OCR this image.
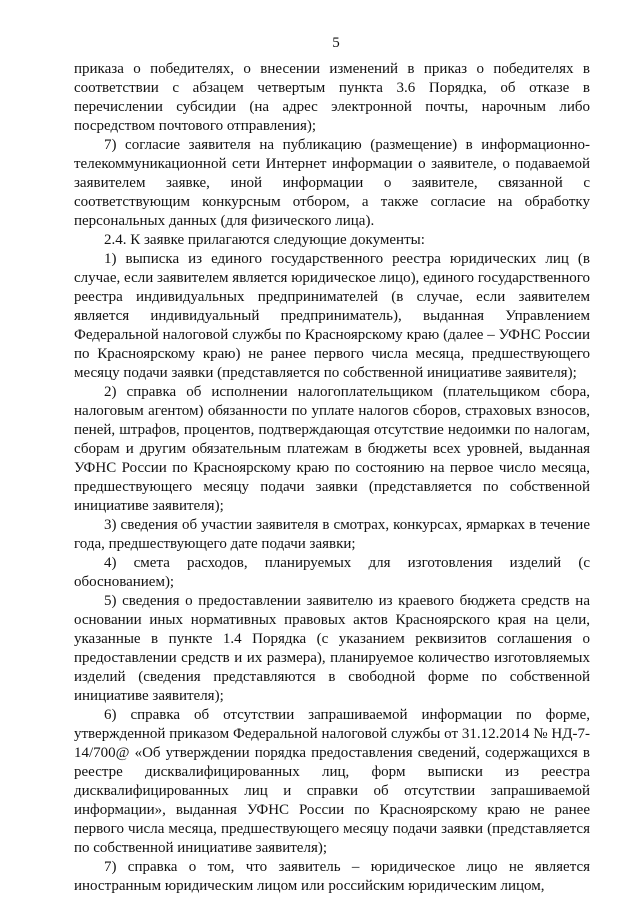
5

приказа о победителях, о внесении изменений в приказ о победителях в соответствии с абзацем четвертым пункта 3.6 Порядка, об отказе в перечислении субсидии (на адрес электронной почты, нарочным либо посредством почтового отправления);

7) согласие заявителя на публикацию (размещение) в информационно-телекоммуникационной сети Интернет информации о заявителе, о подаваемой заявителем заявке, иной информации о заявителе, связанной с соответствующим конкурсным отбором, а также согласие на обработку персональных данных (для физического лица).

2.4. К заявке прилагаются следующие документы:

1) выписка из единого государственного реестра юридических лиц (в случае, если заявителем является юридическое лицо), единого государственного реестра индивидуальных предпринимателей (в случае, если заявителем является индивидуальный предприниматель), выданная Управлением Федеральной налоговой службы по Красноярскому краю (далее – УФНС России по Красноярскому краю) не ранее первого числа месяца, предшествующего месяцу подачи заявки (представляется по собственной инициативе заявителя);

2) справка об исполнении налогоплательщиком (плательщиком сбора, налоговым агентом) обязанности по уплате налогов сборов, страховых взносов, пеней, штрафов, процентов, подтверждающая отсутствие недоимки по налогам, сборам и другим обязательным платежам в бюджеты всех уровней, выданная УФНС России по Красноярскому краю по состоянию на первое число месяца, предшествующего месяцу подачи заявки (представляется по собственной инициативе заявителя);

3) сведения об участии заявителя в смотрах, конкурсах, ярмарках в течение года, предшествующего дате подачи заявки;

4) смета расходов, планируемых для изготовления изделий (с обоснованием);

5) сведения о предоставлении заявителю из краевого бюджета средств на основании иных нормативных правовых актов Красноярского края на цели, указанные в пункте 1.4 Порядка (с указанием реквизитов соглашения о предоставлении средств и их размера), планируемое количество изготовляемых изделий (сведения представляются в свободной форме по собственной инициативе заявителя);

6) справка об отсутствии запрашиваемой информации по форме, утвержденной приказом Федеральной налоговой службы от 31.12.2014 № НД-7-14/700@ «Об утверждении порядка предоставления сведений, содержащихся в реестре дисквалифицированных лиц, форм выписки из реестра дисквалифицированных лиц и справки об отсутствии запрашиваемой информации», выданная УФНС России по Красноярскому краю не ранее первого числа месяца, предшествующего месяцу подачи заявки (представляется по собственной инициативе заявителя);

7) справка о том, что заявитель – юридическое лицо не является иностранным юридическим лицом или российским юридическим лицом,
